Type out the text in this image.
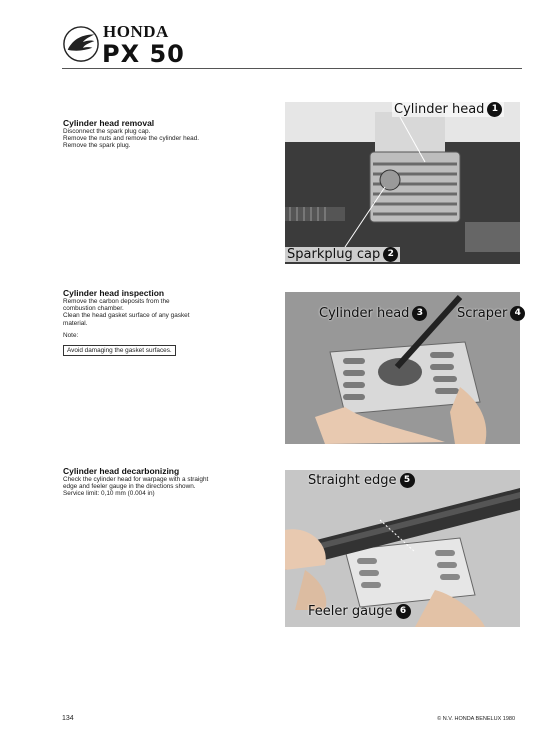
HONDA
PX 50
Cylinder head removal
Disconnect the spark plug cap.
Remove the nuts and remove the cylinder head.
Remove the spark plug.
Cylinder head inspection
Remove the carbon deposits from the
combustion chamber.
Clean the head gasket surface of any gasket
material.
Note:
Avoid damaging the gasket surfaces.
Cylinder head decarbonizing
Check the cylinder head for warpage with a straight
edge and feeler gauge in the directions shown.
Service limit: 0,10 mm (0.004 in)
Cylinder head 1
Sparkplug cap 2
Cylinder head 3	Scraper 4
Straight edge 5
Feeler gauge 6
134	© N.V. HONDA BENELUX 1980
